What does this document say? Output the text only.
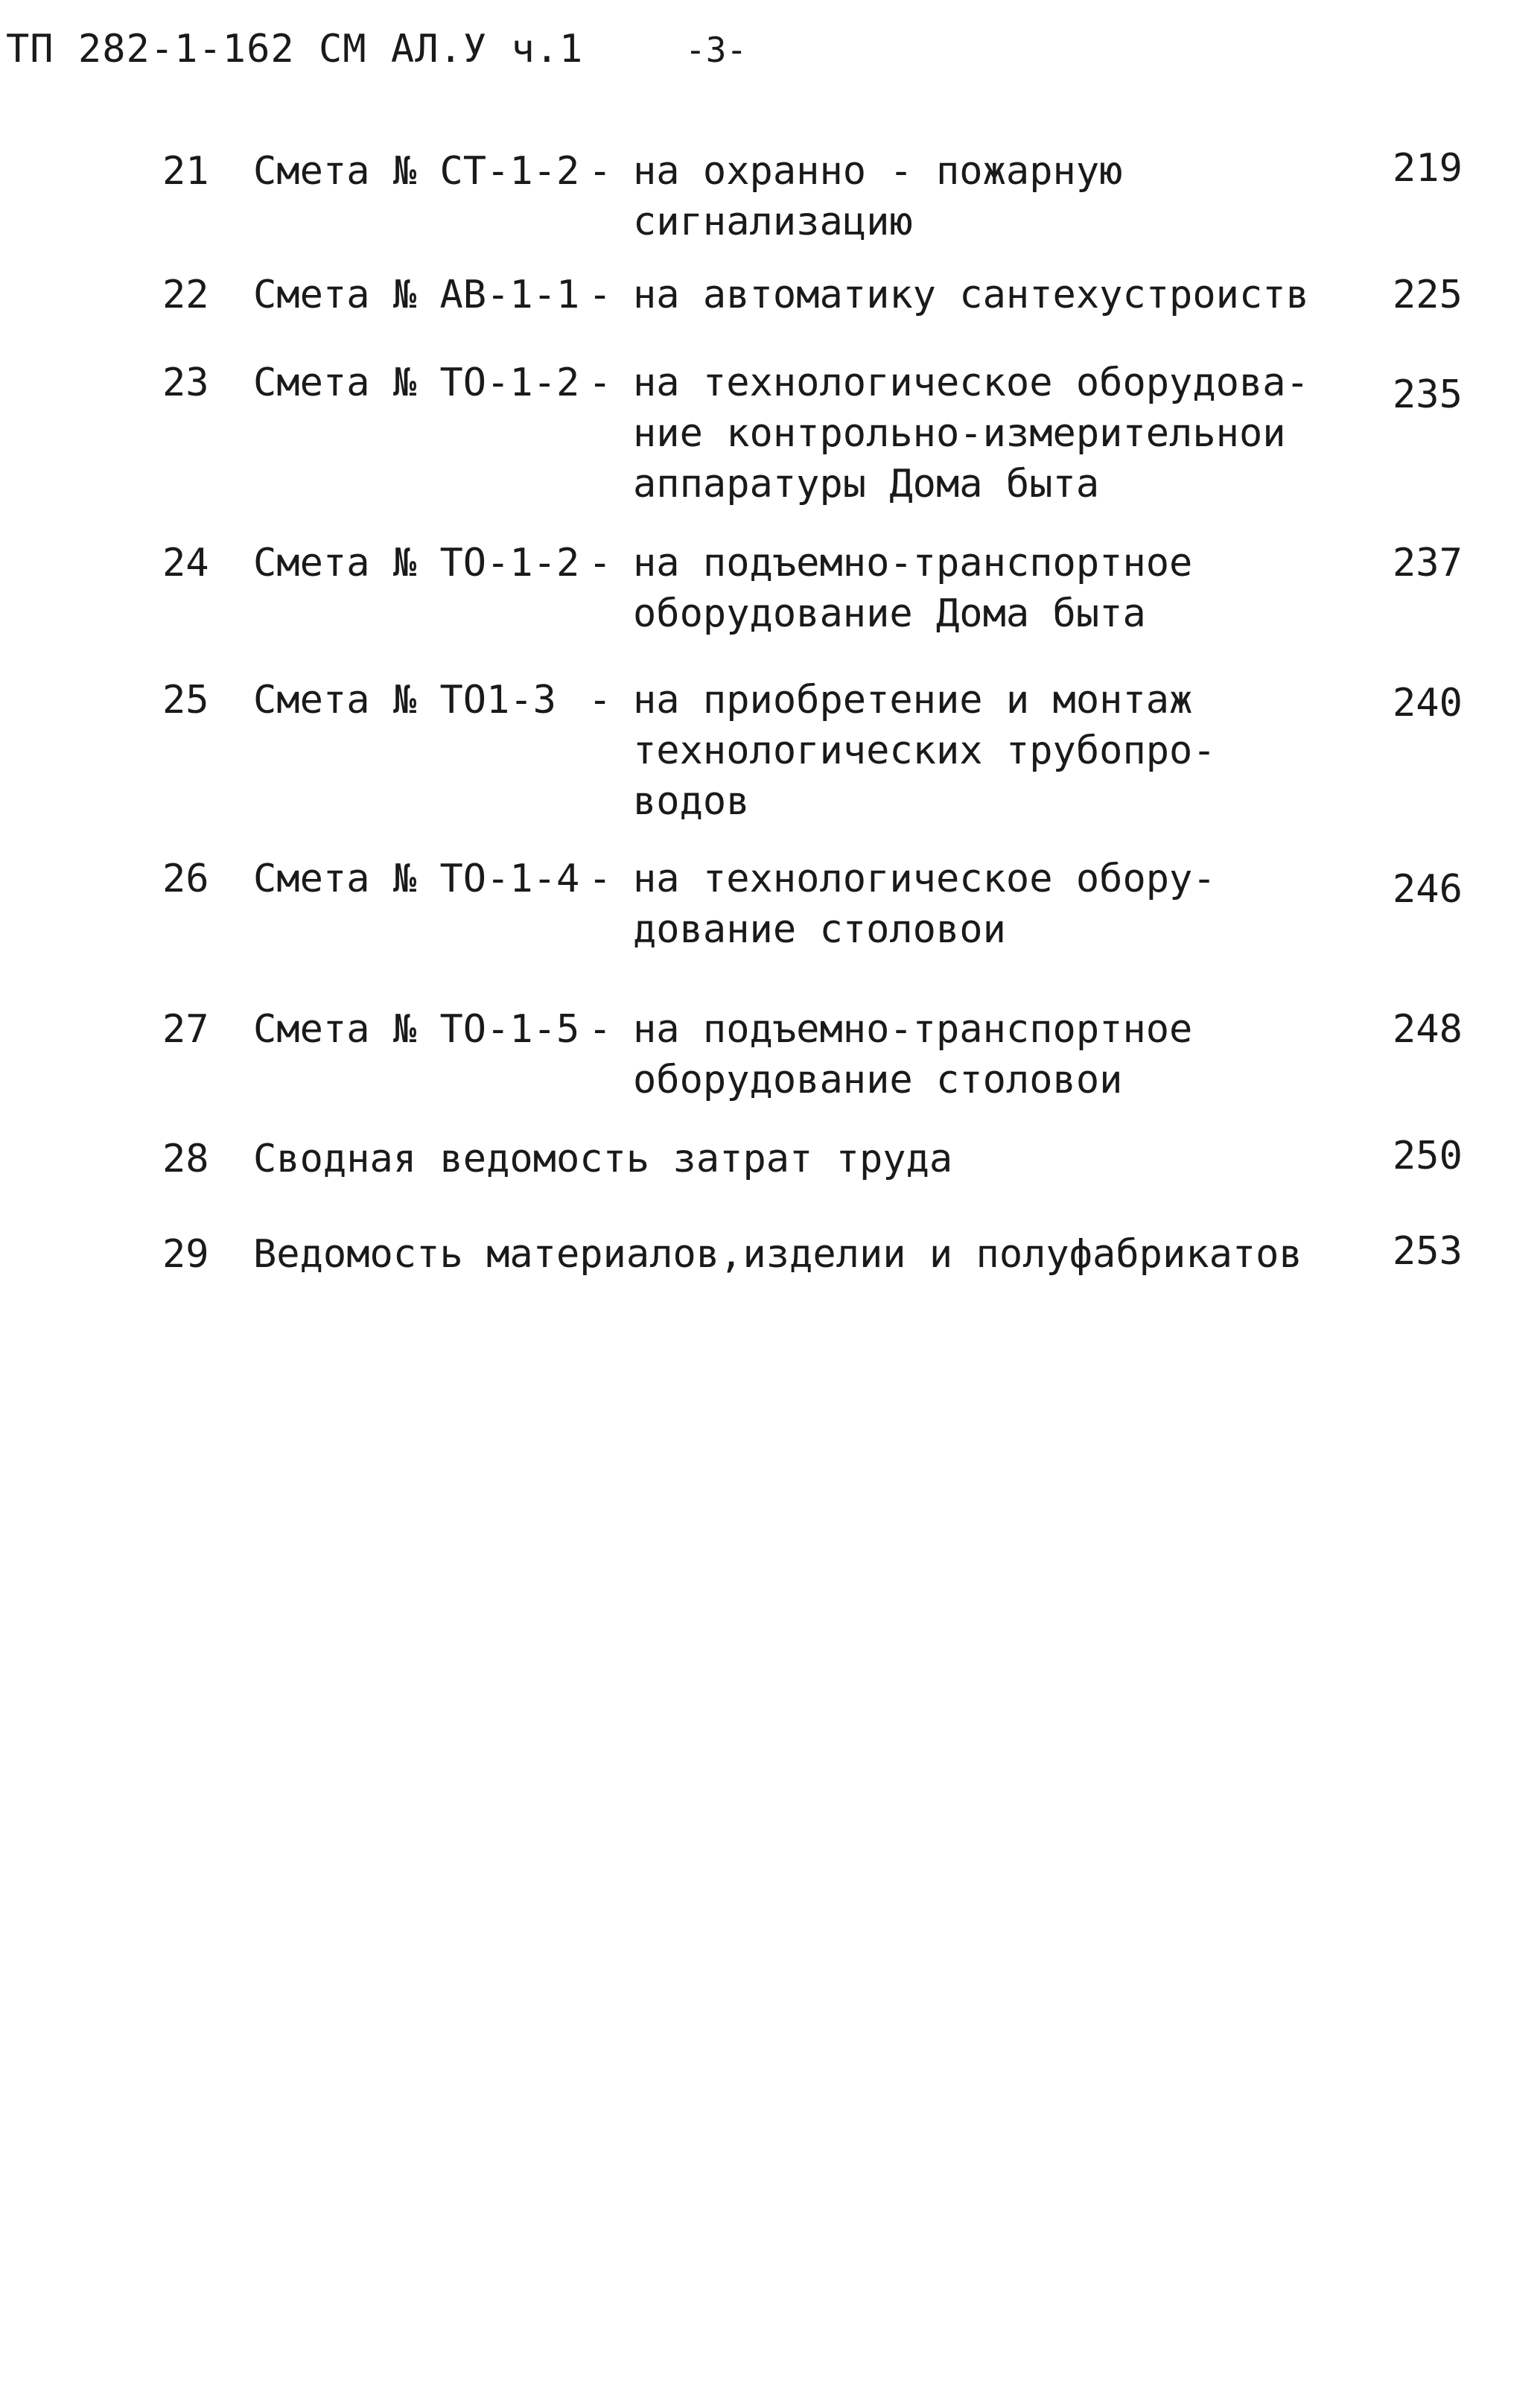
ТП 282-1-162 СМ АЛ.У ч.1	-3-
21 Смета № СТ-1-2 - на охранно - пожарную
сигнализацию
219
22 Смета № АВ-1-1 - на автоматику сантехустроиств 225
23 Смета № ТО-1-2 - на технологическое оборудова-
ние контрольно-измерительнои
аппаратуры Дома быта
235
24 Смета № ТО-1-2 - на подъемно-транспортное
оборудование Дома быта
237
25 Смета № ТО1-3 - на приобретение и монтаж
технологических трубопро-
водов
240
26 Смета № ТО-1-4 - на технологическое обору-
дование столовои
246
27 Смета № ТО-1-5 - на подъемно-транспортное
оборудование столовои
248
28 Сводная ведомость затрат труда	250
29 Ведомость материалов,изделии и полуфабрикатов 253
